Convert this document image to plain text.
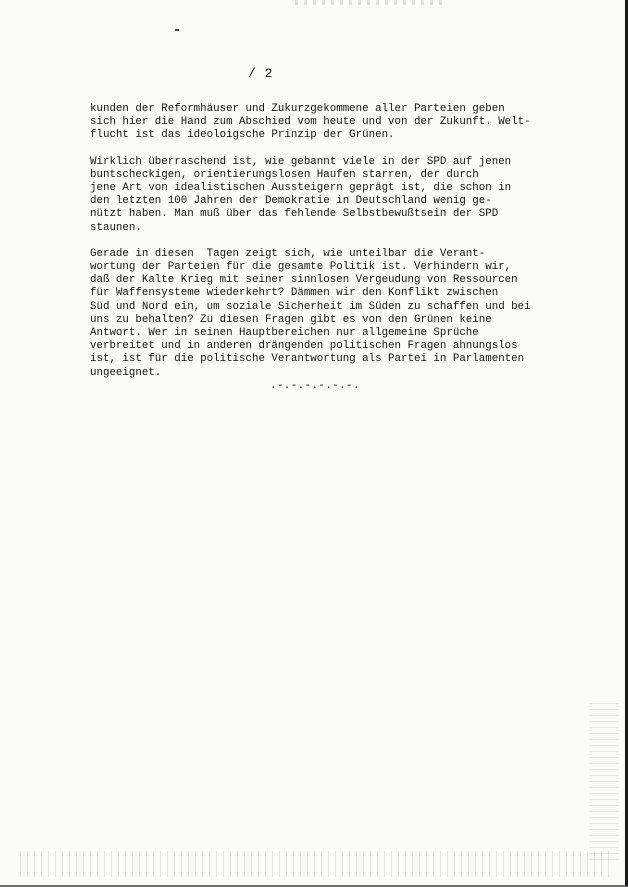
/ 2

kunden der Reformhäuser und Zukurzgekommene aller Parteien geben
sich hier die Hand zum Abschied vom heute und von der Zukunft. Welt-
flucht ist das ideoloigsche Prinzip der Grünen.

Wirklich überraschend ist, wie gebannt viele in der SPD auf jenen
buntscheckigen, orientierungslosen Haufen starren, der durch
jene Art von idealistischen Aussteigern geprägt ist, die schon in
den letzten 100 Jahren der Demokratie in Deutschland wenig ge-
nützt haben. Man muß über das fehlende Selbstbewußtsein der SPD
staunen.

Gerade in diesen  Tagen zeigt sich, wie unteilbar die Verant-
wortung der Parteien für die gesamte Politik ist. Verhindern wir,
daß der Kalte Krieg mit seiner sinnlosen Vergeudung von Ressourcen
für Waffensysteme wiederkehrt? Dämmen wir den Konflikt zwischen
Süd und Nord ein, um soziale Sicherheit im Süden zu schaffen und bei
uns zu behalten? Zu diesen Fragen gibt es von den Grünen keine
Antwort. Wer in seinen Hauptbereichen nur allgemeine Sprüche
verbreitet und in anderen drängenden politischen Fragen ahnungslos
ist, ist für die politische Verantwortung als Partei in Parlamenten
ungeeignet.

.-.-.-.-.-.-.
